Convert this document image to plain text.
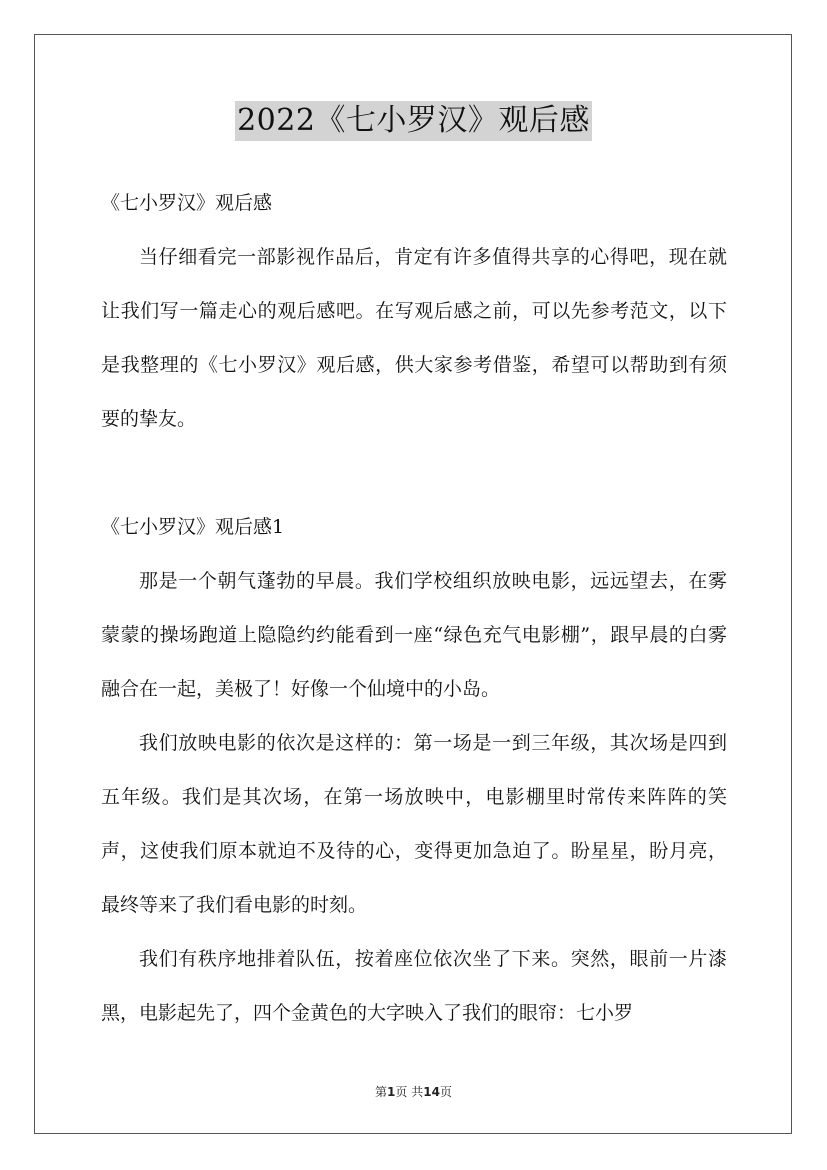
2022《七小罗汉》观后感

《七小罗汉》观后感

当仔细看完一部影视作品后，肯定有许多值得共享的心得吧，现在就让我们写一篇走心的观后感吧。在写观后感之前，可以先参考范文，以下是我整理的《七小罗汉》观后感，供大家参考借鉴，希望可以帮助到有须要的挚友。

《七小罗汉》观后感1

那是一个朝气蓬勃的早晨。我们学校组织放映电影，远远望去，在雾蒙蒙的操场跑道上隐隐约约能看到一座“绿色充气电影棚”，跟早晨的白雾融合在一起，美极了！好像一个仙境中的小岛。

我们放映电影的依次是这样的：第一场是一到三年级，其次场是四到五年级。我们是其次场，在第一场放映中，电影棚里时常传来阵阵的笑声，这使我们原本就迫不及待的心，变得更加急迫了。盼星星，盼月亮，最终等来了我们看电影的时刻。

我们有秩序地排着队伍，按着座位依次坐了下来。突然，眼前一片漆黑，电影起先了，四个金黄色的大字映入了我们的眼帘：七小罗

第1页 共14页
